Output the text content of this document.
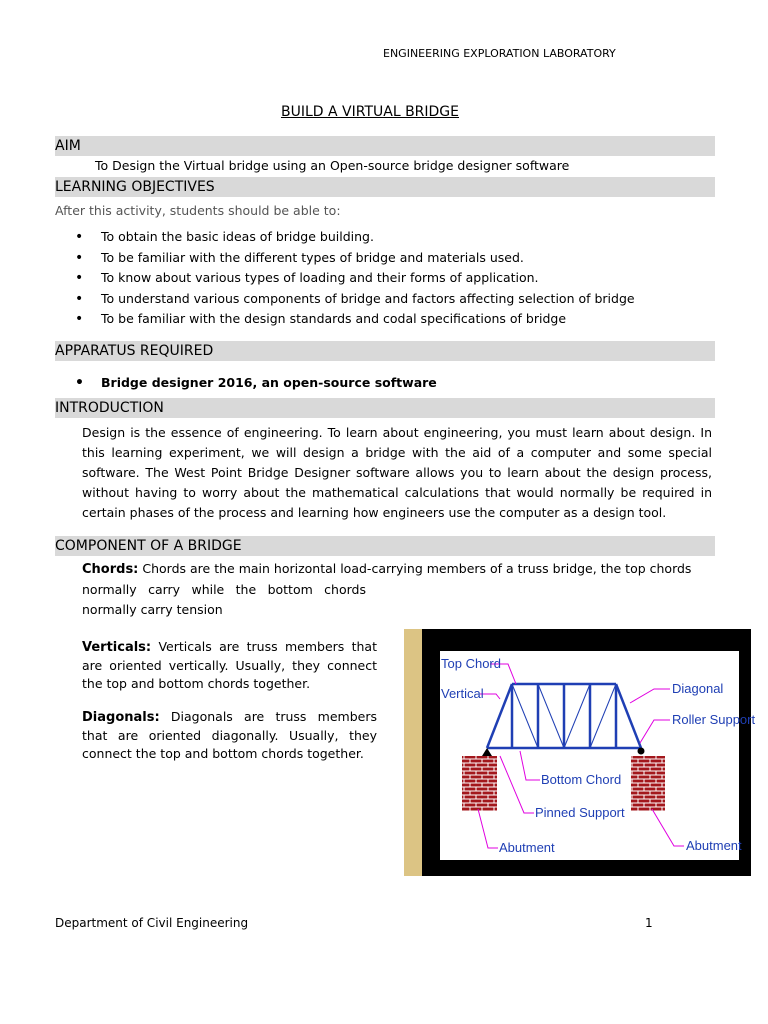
ENGINEERING EXPLORATION LABORATORY
BUILD A VIRTUAL BRIDGE
AIM
To Design the Virtual bridge using an Open-source bridge designer software
LEARNING OBJECTIVES
After this activity, students should be able to:
• To obtain the basic ideas of bridge building.
• To be familiar with the different types of bridge and materials used.
• To know about various types of loading and their forms of application.
• To understand various components of bridge and factors affecting selection of bridge
• To be familiar with the design standards and codal specifications of bridge
APPARATUS REQUIRED
• Bridge designer 2016, an open-source software
INTRODUCTION
Design is the essence of engineering. To learn about engineering, you must learn about design. In this learning experiment, we will design a bridge with the aid of a computer and some special software. The West Point Bridge Designer software allows you to learn about the design process, without having to worry about the mathematical calculations that would normally be required in certain phases of the process and learning how engineers use the computer as a design tool.
COMPONENT OF A BRIDGE
Chords: Chords are the main horizontal load-carrying members of a truss bridge, the top chords
normally carry while the bottom chords
normally carry tension
Verticals: Verticals are truss members that are oriented vertically. Usually, they connect the top and bottom chords together.
Diagonals: Diagonals are truss members that are oriented diagonally. Usually, they connect the top and bottom chords together.
Top Chord
Vertical	Diagonal
Roller Support
Bottom Chord
Pinned Support
Abutment	Abutment
Department of Civil Engineering	1
